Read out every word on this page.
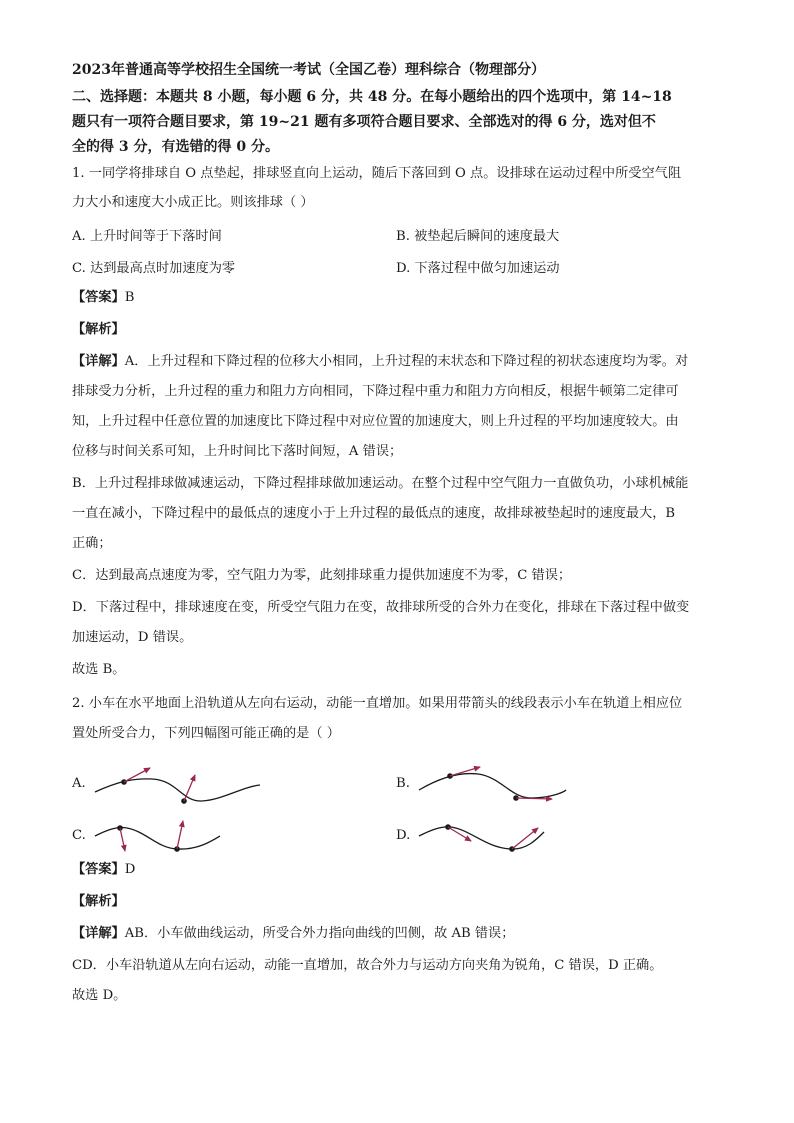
2023年普通高等学校招生全国统一考试（全国乙卷）理科综合（物理部分）
二、选择题：本题共 8 小题，每小题 6 分，共 48 分。在每小题给出的四个选项中，第 14~18
题只有一项符合题目要求，第 19~21 题有多项符合题目要求、全部选对的得 6 分，选对但不
全的得 3 分，有选错的得 0 分。
1. 一同学将排球自 O 点垫起，排球竖直向上运动，随后下落回到 O 点。设排球在运动过程中所受空气阻
力大小和速度大小成正比。则该排球（ ）
A. 上升时间等于下落时间	B. 被垫起后瞬间的速度最大
C. 达到最高点时加速度为零	D. 下落过程中做匀加速运动
【答案】B
【解析】
【详解】A．上升过程和下降过程的位移大小相同，上升过程的末状态和下降过程的初状态速度均为零。对
排球受力分析，上升过程的重力和阻力方向相同，下降过程中重力和阻力方向相反，根据牛顿第二定律可
知，上升过程中任意位置的加速度比下降过程中对应位置的加速度大，则上升过程的平均加速度较大。由
位移与时间关系可知，上升时间比下落时间短，A 错误；
B．上升过程排球做减速运动，下降过程排球做加速运动。在整个过程中空气阻力一直做负功，小球机械能
一直在减小，下降过程中的最低点的速度小于上升过程的最低点的速度，故排球被垫起时的速度最大，B
正确；
C．达到最高点速度为零，空气阻力为零，此刻排球重力提供加速度不为零，C 错误；
D．下落过程中，排球速度在变，所受空气阻力在变，故排球所受的合外力在变化，排球在下落过程中做变
加速运动，D 错误。
故选 B。
2. 小车在水平地面上沿轨道从左向右运动，动能一直增加。如果用带箭头的线段表示小车在轨道上相应位
置处所受合力，下列四幅图可能正确的是（ ）
A.	B.
C.	D.
【答案】D
【解析】
【详解】AB．小车做曲线运动，所受合外力指向曲线的凹侧，故 AB 错误；
CD．小车沿轨道从左向右运动，动能一直增加，故合外力与运动方向夹角为锐角，C 错误，D 正确。
故选 D。
